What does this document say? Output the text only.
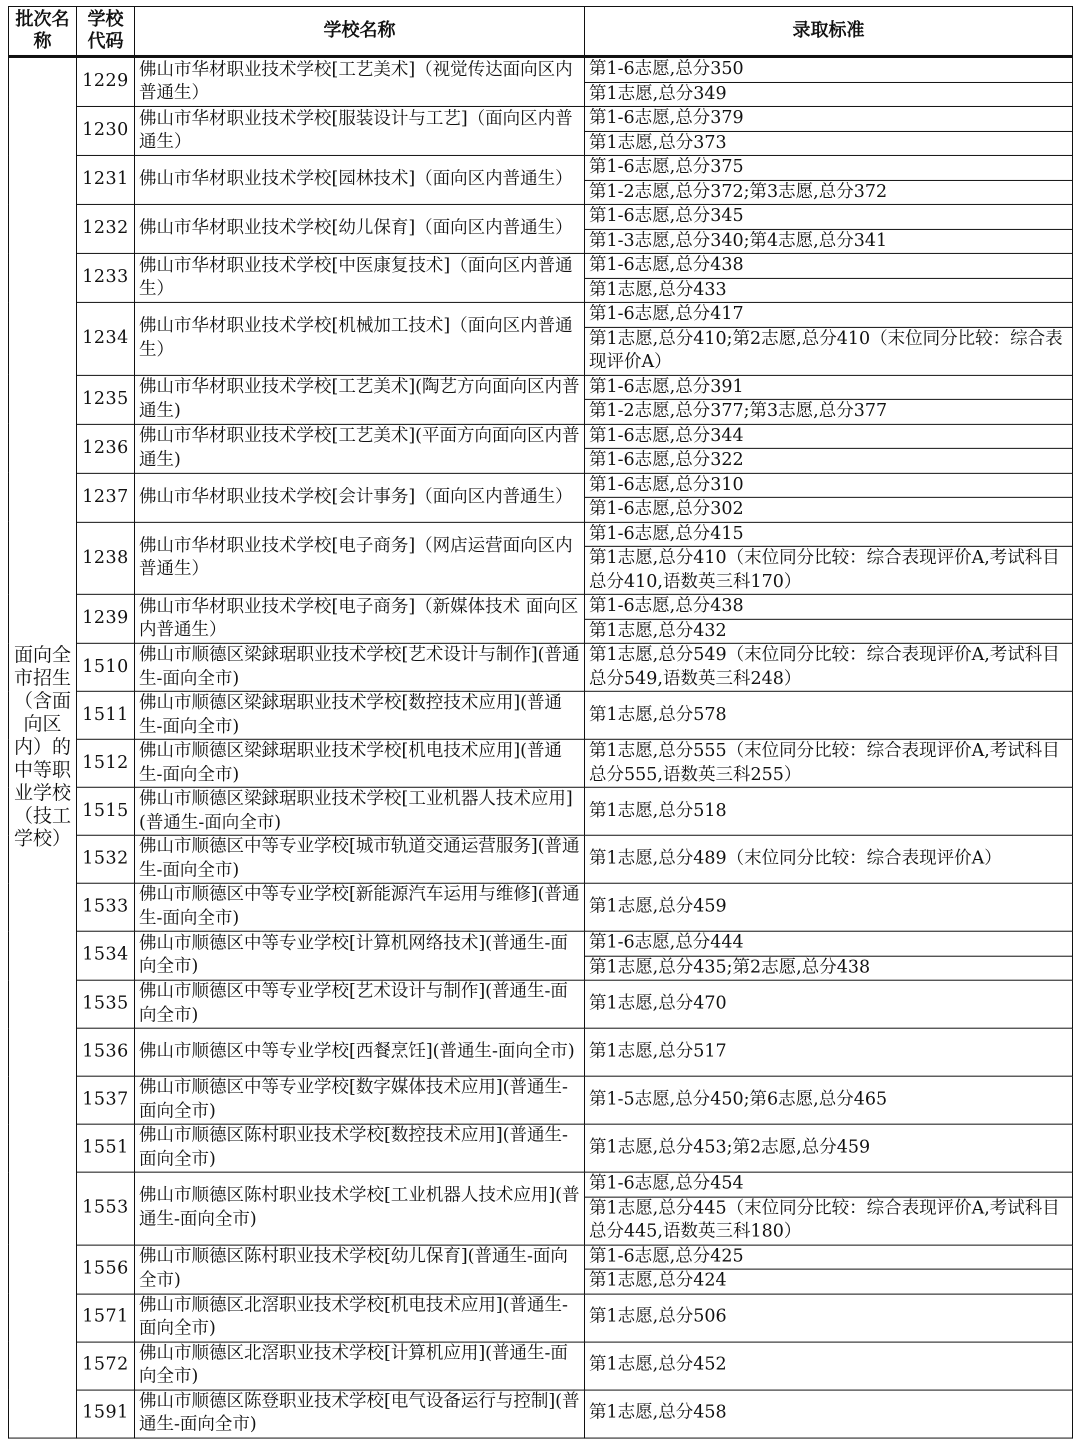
批次名称	学校代码	学校名称	录取标准
面向全市招生（含面向区内）的中等职业学校（技工学校）	1229	佛山市华材职业技术学校[工艺美术]（视觉传达面向区内普通生）	第1-6志愿,总分350
第1志愿,总分349

	1230	佛山市华材职业技术学校[服装设计与工艺]（面向区内普通生）	第1-6志愿,总分379
第1志愿,总分373

	1231	佛山市华材职业技术学校[园林技术]（面向区内普通生）	第1-6志愿,总分375
第1-2志愿,总分372;第3志愿,总分372

	1232	佛山市华材职业技术学校[幼儿保育]（面向区内普通生）	第1-6志愿,总分345
第1-3志愿,总分340;第4志愿,总分341

	1233	佛山市华材职业技术学校[中医康复技术]（面向区内普通生）	第1-6志愿,总分438
第1志愿,总分433

	1234	佛山市华材职业技术学校[机械加工技术]（面向区内普通生）	第1-6志愿,总分417
第1志愿,总分410;第2志愿,总分410（末位同分比较：综合表现评价A）

	1235	佛山市华材职业技术学校[工艺美术](陶艺方向面向区内普通生)	第1-6志愿,总分391
第1-2志愿,总分377;第3志愿,总分377

	1236	佛山市华材职业技术学校[工艺美术](平面方向面向区内普通生)	第1-6志愿,总分344
第1-6志愿,总分322

	1237	佛山市华材职业技术学校[会计事务]（面向区内普通生）	第1-6志愿,总分310
第1-6志愿,总分302

	1238	佛山市华材职业技术学校[电子商务]（网店运营面向区内普通生）	第1-6志愿,总分415
第1志愿,总分410（末位同分比较：综合表现评价A,考试科目总分410,语数英三科170）

	1239	佛山市华材职业技术学校[电子商务]（新媒体技术 面向区内普通生）	第1-6志愿,总分438
第1志愿,总分432

	1510	佛山市顺德区梁銶琚职业技术学校[艺术设计与制作](普通生-面向全市)	第1志愿,总分549（末位同分比较：综合表现评价A,考试科目总分549,语数英三科248）

	1511	佛山市顺德区梁銶琚职业技术学校[数控技术应用](普通生-面向全市)	第1志愿,总分578

	1512	佛山市顺德区梁銶琚职业技术学校[机电技术应用](普通生-面向全市)	第1志愿,总分555（末位同分比较：综合表现评价A,考试科目总分555,语数英三科255）

	1515	佛山市顺德区梁銶琚职业技术学校[工业机器人技术应用](普通生-面向全市)	第1志愿,总分518

	1532	佛山市顺德区中等专业学校[城市轨道交通运营服务](普通生-面向全市)	第1志愿,总分489（末位同分比较：综合表现评价A）

	1533	佛山市顺德区中等专业学校[新能源汽车运用与维修](普通生-面向全市)	第1志愿,总分459

	1534	佛山市顺德区中等专业学校[计算机网络技术](普通生-面向全市)	第1-6志愿,总分444
第1志愿,总分435;第2志愿,总分438

	1535	佛山市顺德区中等专业学校[艺术设计与制作](普通生-面向全市)	第1志愿,总分470

	1536	佛山市顺德区中等专业学校[西餐烹饪](普通生-面向全市)	第1志愿,总分517

	1537	佛山市顺德区中等专业学校[数字媒体技术应用](普通生-面向全市)	第1-5志愿,总分450;第6志愿,总分465

	1551	佛山市顺德区陈村职业技术学校[数控技术应用](普通生-面向全市)	第1志愿,总分453;第2志愿,总分459

	1553	佛山市顺德区陈村职业技术学校[工业机器人技术应用](普通生-面向全市)	第1-6志愿,总分454
第1志愿,总分445（末位同分比较：综合表现评价A,考试科目总分445,语数英三科180）

	1556	佛山市顺德区陈村职业技术学校[幼儿保育](普通生-面向全市)	第1-6志愿,总分425
第1志愿,总分424

	1571	佛山市顺德区北滘职业技术学校[机电技术应用](普通生-面向全市)	第1志愿,总分506

	1572	佛山市顺德区北滘职业技术学校[计算机应用](普通生-面向全市)	第1志愿,总分452

	1591	佛山市顺德区陈登职业技术学校[电气设备运行与控制](普通生-面向全市)	第1志愿,总分458
